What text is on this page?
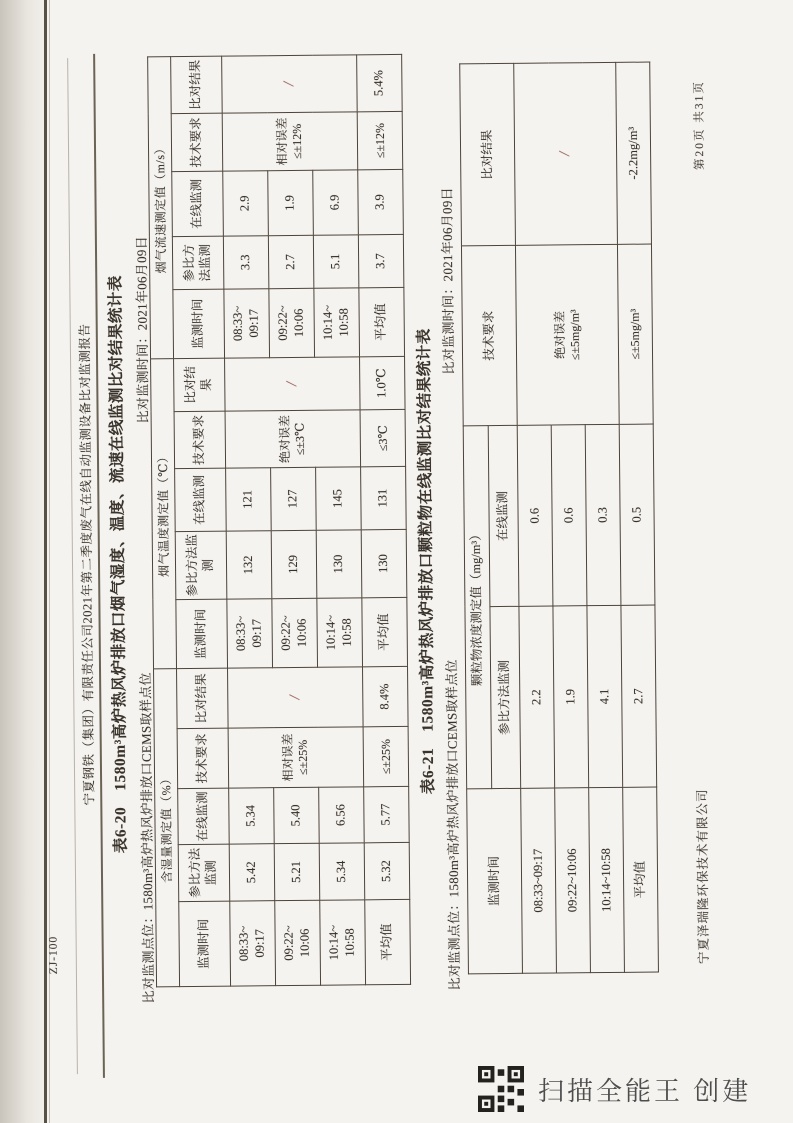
ZJ-100
宁夏钢铁（集团）有限责任公司2021年第二季度废气在线自动监测设备比对监测报告 表6-20　1580m³高炉热风炉排放口烟气湿度、温度、流速在线监测比对结果统计表 比对监测点位：1580m³高炉热风炉排放口CEMS取样点位
比对监测时间：2021年06月09日
含湿量测定值（%）					烟气温度测定值（℃）					烟气流速测定值（m/s）				
监测时间	参比方法监测	在线监测	技术要求	比对结果	监测时间	参比方法监测	在线监测	技术要求	比对结果	监测时间	参比方法监测	在线监测	技术要求	比对结果
08:33~
09:17	5.42	5.34	相对误差
≤±25%	/	08:33~
09:17	132	121	绝对误差
≤±3℃	/	08:33~
09:17	3.3	2.9	相对误差
≤±12%	/
09:22~
10:06	5.21	5.40			09:22~
10:06	129	127			09:22~
10:06	2.7	1.9		
10:14~
10:58	5.34	6.56			10:14~
10:58	130	145			10:14~
10:58	5.1	6.9		
平均值	5.32	5.77	≤±25%	8.4%	平均值	130	131	≤3℃	1.0℃	平均值	3.7	3.9	≤±12%	5.4%
表6-21　1580m³高炉热风炉排放口颗粒物在线监测比对结果统计表
比对监测点位：1580m³高炉热风炉排放口CEMS取样点位
比对监测时间：2021年06月09日
监测时间	颗粒物浓度测定值（mg/m³）		技术要求	比对结果
	参比方法监测	在线监测		
08:33~09:17	2.2	0.6	绝对误差
≤±5mg/m³	/
09:22~10:06	1.9	0.6		
10:14~10:58	4.1	0.3		
平均值	2.7	0.5	≤±5mg/m³	-2.2mg/m³
宁夏泽瑞隆环保技术有限公司
第20页 共31页
扫描全能王 创建
